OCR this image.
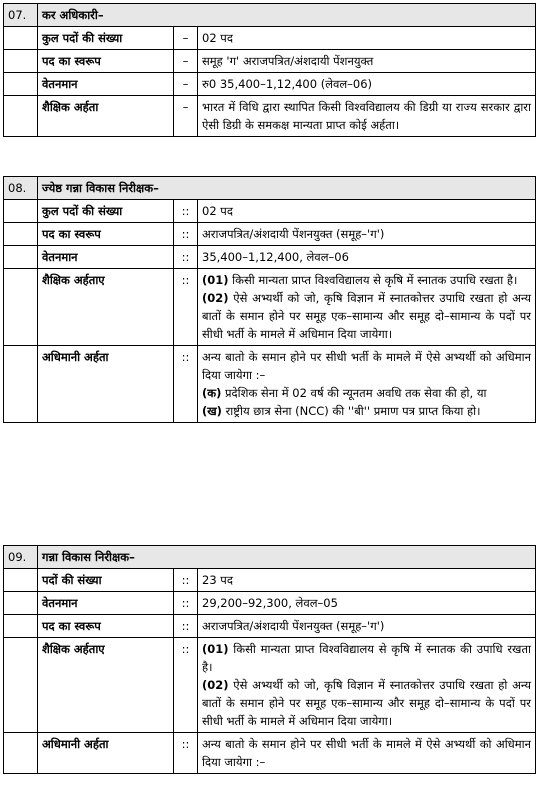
07.	कर अधिकारी–		
	कुल पदों की संख्या	–	02 पद
	पद का स्वरूप	–	समूह 'ग' अराजपत्रित/अंशदायी पेंशनयुक्त
	वेतनमान	–	रु0 35,400–1,12,400 (लेवल–06)
	शैक्षिक अर्हता	–	भारत में विधि द्वारा स्थापित किसी विश्वविद्यालय की डिग्री या राज्य सरकार द्वारा ऐसी डिग्री के समकक्ष मान्यता प्राप्त कोई अर्हता।
08.	ज्येष्ठ गन्ना विकास निरीक्षक–		
	कुल पदों की संख्या	::	02 पद
	पद का स्वरूप	::	अराजपत्रित/अंशदायी पेंशनयुक्त (समूह–'ग')
	वेतनमान	::	35,400–1,12,400, लेवल–06
	शैक्षिक अर्हताए	::	(01) किसी मान्यता प्राप्त विश्वविद्यालय से कृषि में स्नातक उपाधि रखता है।
(02) ऐसे अभ्यर्थी को जो, कृषि विज्ञान में स्नातकोत्तर उपाधि रखता हो अन्य बातों के समान होने पर समूह एक–सामान्य और समूह दो–सामान्य के पदों पर सीधी भर्ती के मामले में अधिमान दिया जायेगा।

	अधिमानी अर्हता	::	अन्य बातो के समान होने पर सीधी भर्ती के मामले में ऐसे अभ्यर्थी को अधिमान दिया जायेगा :–
(क) प्रदेशिक सेना में 02 वर्ष की न्यूनतम अवधि तक सेवा की हो, या
(ख) राष्ट्रीय छात्र सेना (NCC) की ''बी'' प्रमाण पत्र प्राप्त किया हो।
09.	गन्ना विकास निरीक्षक–		
	पदों की संख्या	::	23 पद
	वेतनमान	::	29,200–92,300, लेवल–05
	पद का स्वरूप	::	अराजपत्रित/अंशदायी पेंशनयुक्त (समूह–'ग')
	शैक्षिक अर्हताए	::	(01) किसी मान्यता प्राप्त विश्वविद्यालय से कृषि में स्नातक की उपाधि रखता है।
(02) ऐसे अभ्यर्थी को जो, कृषि विज्ञान में स्नातकोत्तर उपाधि रखता हो अन्य बातों के समान होने पर समूह एक–सामान्य और समूह दो–सामान्य के पदों पर सीधी भर्ती के मामले में अधिमान दिया जायेगा।

	अधिमानी अर्हता	::	अन्य बातो के समान होने पर सीधी भर्ती के मामले में ऐसे अभ्यर्थी को अधिमान दिया जायेगा :–
